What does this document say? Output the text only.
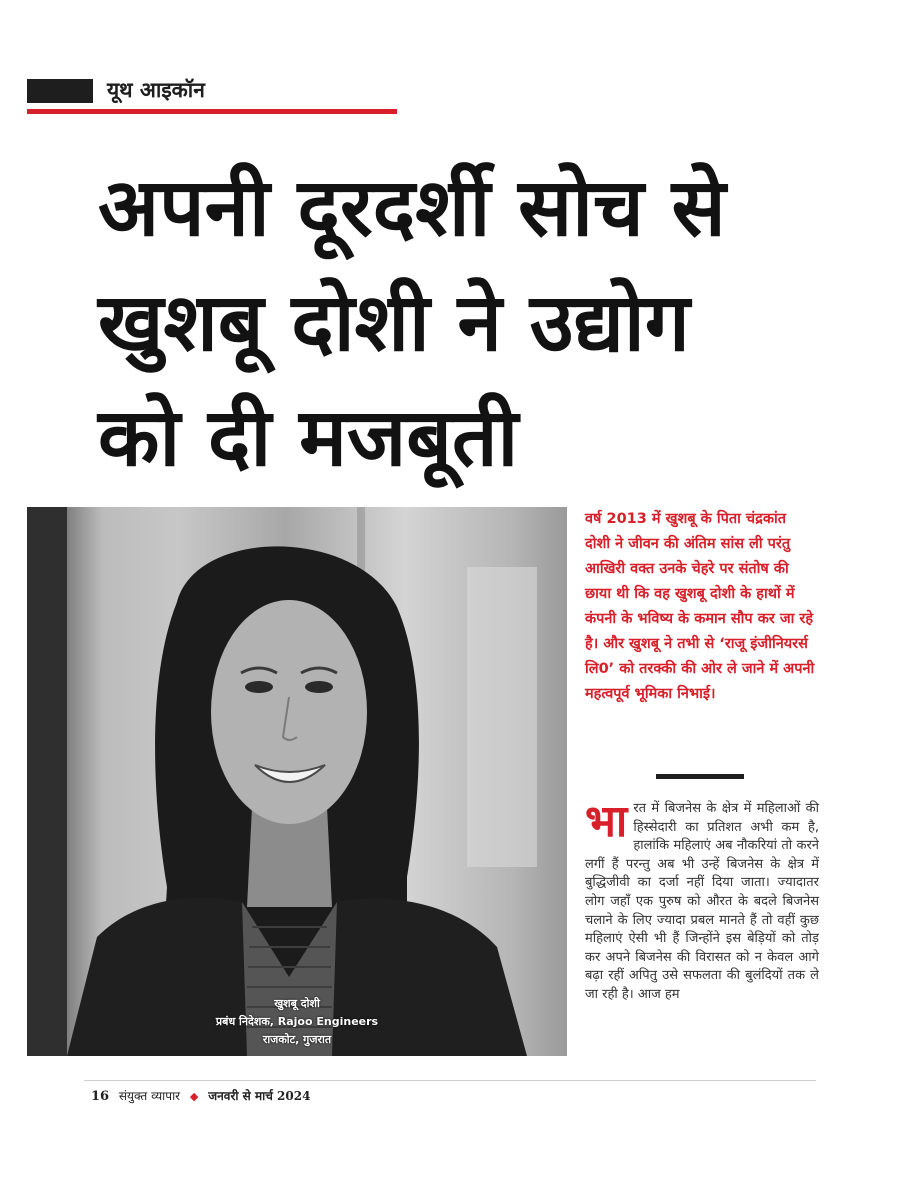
यूथ आइकॉन
अपनी दूरदर्शी सोच से
खुशबू दोशी ने उद्योग
को दी मजबूती
खुशबू दोशी
प्रबंध निदेशक, Rajoo Engineers
राजकोट, गुजरात

वर्ष 2013 में खुशबू के पिता चंद्रकांत दोशी ने जीवन की अंतिम सांस ली परंतु आखिरी वक्त उनके चेहरे पर संतोष की छाया थी कि वह खुशबू दोशी के हाथों में कंपनी के भविष्य के कमान सौप कर जा रहे है। और खुशबू ने तभी से ‘राजू इंजीनियरर्स लि0’ को तरक्की की ओर ले जाने में अपनी महत्वपूर्व भूमिका निभाई।

भारत में बिजनेस के क्षेत्र में महिलाओं की हिस्सेदारी का प्रतिशत अभी कम है, हालांकि महिलाएं अब नौकरियां तो करने लगीं हैं परन्तु अब भी उन्हें बिजनेस के क्षेत्र में बुद्धिजीवी का दर्जा नहीं दिया जाता। ज्यादातर लोग जहाँ एक पुरुष को औरत के बदले बिजनेस चलाने के लिए ज्यादा प्रबल मानते हैं तो वहीं कुछ महिलाएं ऐसी भी हैं जिन्होंने इस बेड़ियों को तोड़ कर अपने बिजनेस की विरासत को न केवल आगे बढ़ा रहीं अपितु उसे सफलता की बुलंदियों तक ले जा रही है। आज हम

16 संयुक्त व्यापार ◆ जनवरी से मार्च 2024
